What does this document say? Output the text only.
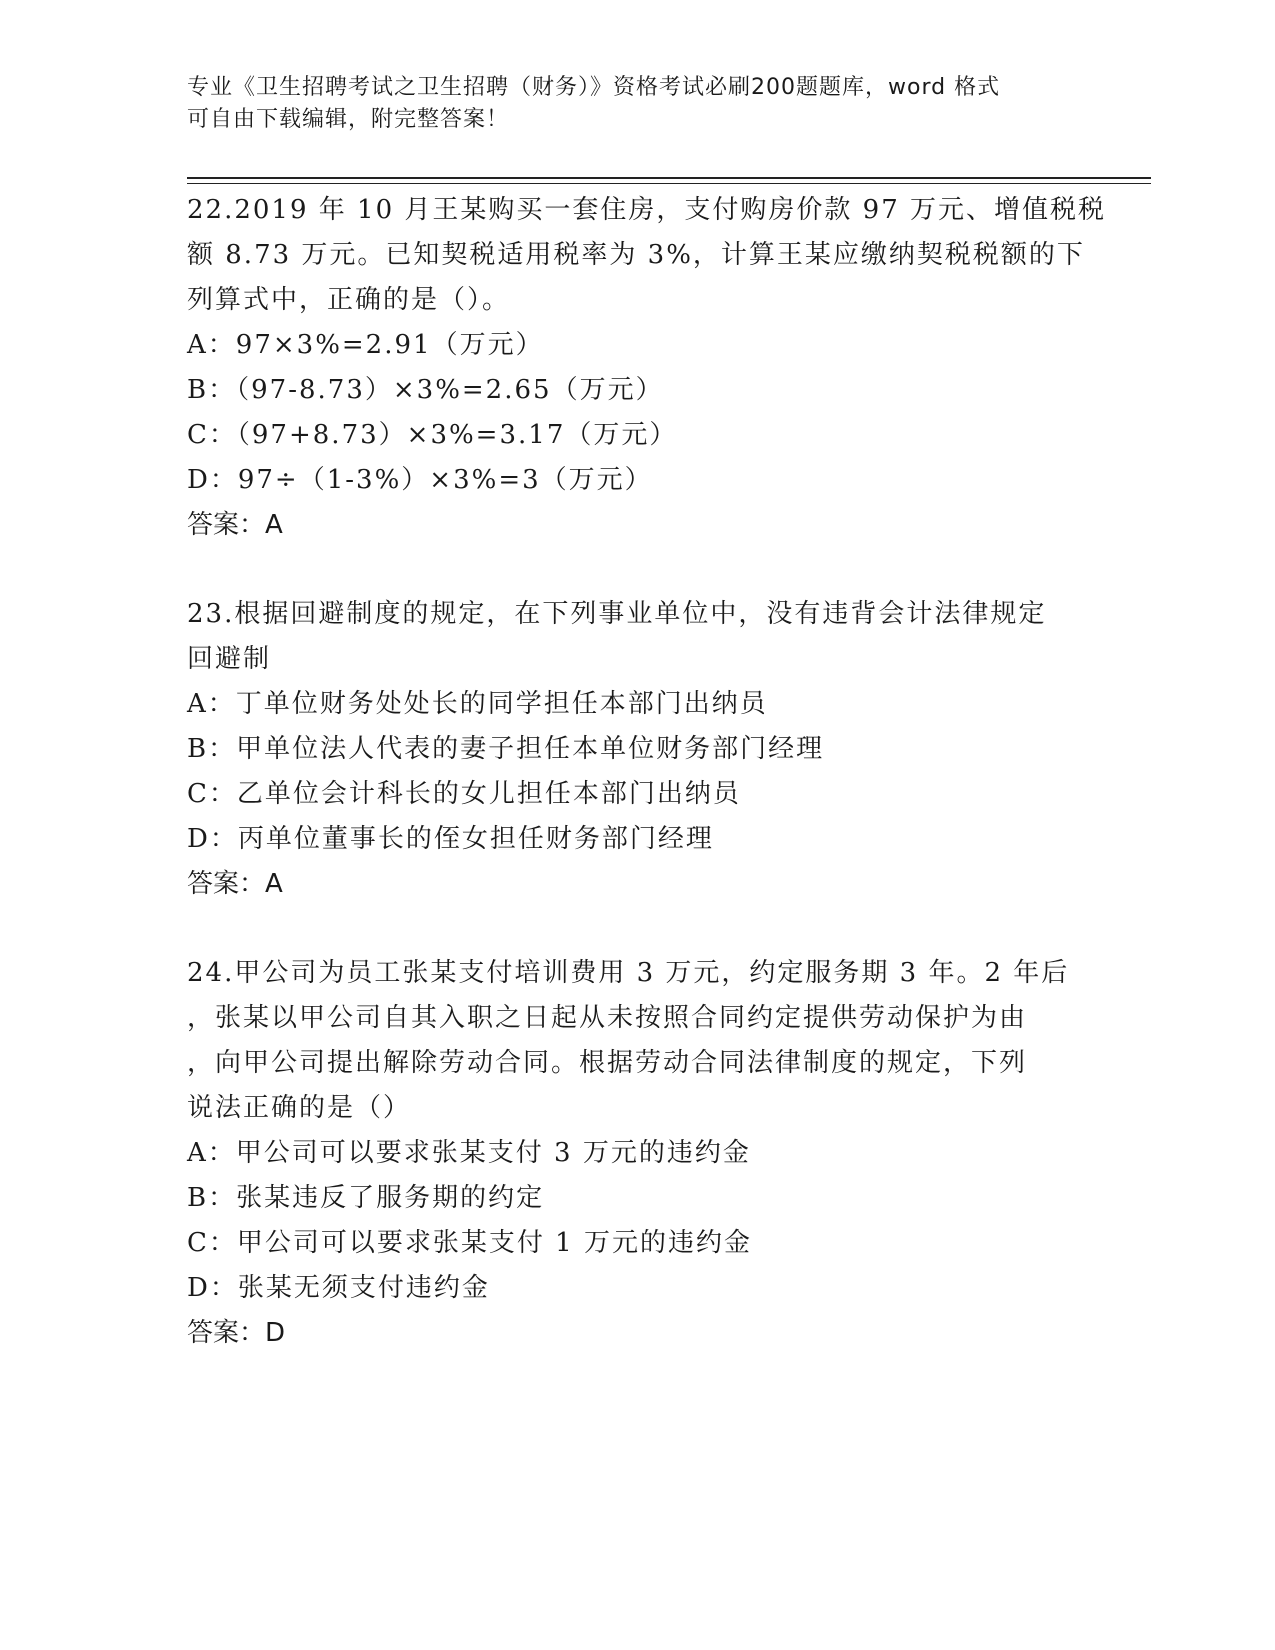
专业《卫生招聘考试之卫生招聘（财务）》资格考试必刷200题题库，word 格式
可自由下载编辑，附完整答案！
22.2019 年 10 月王某购买一套住房，支付购房价款 97 万元、增值税税
额 8.73 万元。已知契税适用税率为 3%，计算王某应缴纳契税税额的下
列算式中，正确的是（）。
A：97×3%=2.91（万元）
B：（97-8.73）×3%=2.65（万元）
C：（97+8.73）×3%=3.17（万元）
D：97÷（1-3%）×3%=3（万元）
答案：A
23.根据回避制度的规定，在下列事业单位中，没有违背会计法律规定
回避制
A：丁单位财务处处长的同学担任本部门出纳员
B：甲单位法人代表的妻子担任本单位财务部门经理
C：乙单位会计科长的女儿担任本部门出纳员
D：丙单位董事长的侄女担任财务部门经理
答案：A
24.甲公司为员工张某支付培训费用 3 万元，约定服务期 3 年。2 年后
，张某以甲公司自其入职之日起从未按照合同约定提供劳动保护为由
，向甲公司提出解除劳动合同。根据劳动合同法律制度的规定，下列
说法正确的是（）
A：甲公司可以要求张某支付 3 万元的违约金
B：张某违反了服务期的约定
C：甲公司可以要求张某支付 1 万元的违约金
D：张某无须支付违约金
答案：D
